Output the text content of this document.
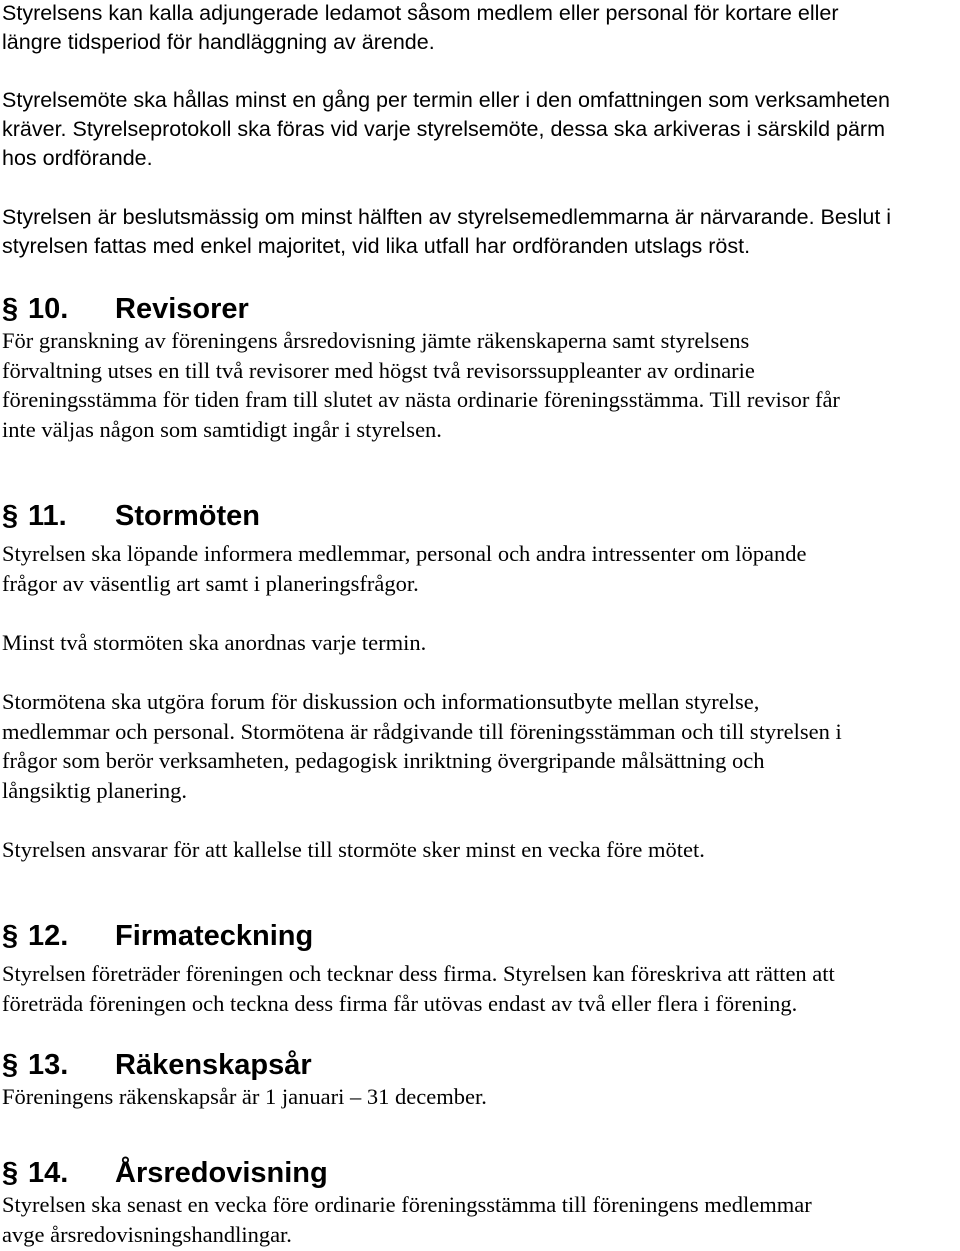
Styrelsens kan kalla adjungerade ledamot såsom medlem eller personal för kortare eller
längre tidsperiod för handläggning av ärende.
Styrelsemöte ska hållas minst en gång per termin eller i den omfattningen som verksamheten
kräver. Styrelseprotokoll ska föras vid varje styrelsemöte, dessa ska arkiveras i särskild pärm
hos ordförande.
Styrelsen är beslutsmässig om minst hälften av styrelsemedlemmarna är närvarande. Beslut i
styrelsen fattas med enkel majoritet, vid lika utfall har ordföranden utslags röst.
§ 10. Revisorer
För granskning av föreningens årsredovisning jämte räkenskaperna samt styrelsens
förvaltning utses en till två revisorer med högst två revisorssuppleanter av ordinarie
föreningsstämma för tiden fram till slutet av nästa ordinarie föreningsstämma. Till revisor får
inte väljas någon som samtidigt ingår i styrelsen.
§ 11. Stormöten
Styrelsen ska löpande informera medlemmar, personal och andra intressenter om löpande
frågor av väsentlig art samt i planeringsfrågor.
Minst två stormöten ska anordnas varje termin.
Stormötena ska utgöra forum för diskussion och informationsutbyte mellan styrelse,
medlemmar och personal. Stormötena är rådgivande till föreningsstämman och till styrelsen i
frågor som berör verksamheten, pedagogisk inriktning övergripande målsättning och
långsiktig planering.
Styrelsen ansvarar för att kallelse till stormöte sker minst en vecka före mötet.
§ 12. Firmateckning
Styrelsen företräder föreningen och tecknar dess firma. Styrelsen kan föreskriva att rätten att
företräda föreningen och teckna dess firma får utövas endast av två eller flera i förening.
§ 13. Räkenskapsår
Föreningens räkenskapsår är 1 januari – 31 december.
§ 14. Årsredovisning
Styrelsen ska senast en vecka före ordinarie föreningsstämma till föreningens medlemmar
avge årsredovisningshandlingar.
